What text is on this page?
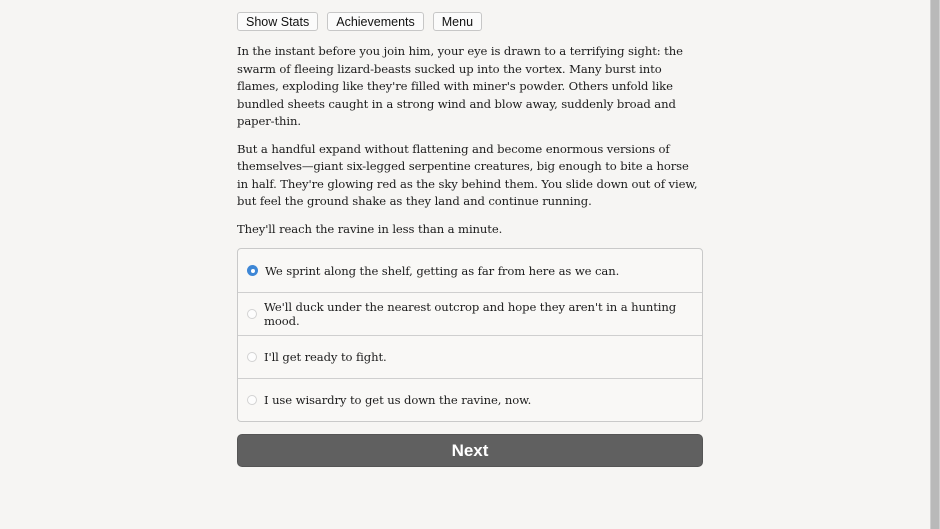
Show Stats	Achievements	Menu

In the instant before you join him, your eye is drawn to a terrifying sight: the swarm of fleeing lizard-beasts sucked up into the vortex. Many burst into flames, exploding like they're filled with miner's powder. Others unfold like bundled sheets caught in a strong wind and blow away, suddenly broad and paper-thin.

But a handful expand without flattening and become enormous versions of themselves—giant six-legged serpentine creatures, big enough to bite a horse in half. They're glowing red as the sky behind them. You slide down out of view, but feel the ground shake as they land and continue running.

They'll reach the ravine in less than a minute.

We sprint along the shelf, getting as far from here as we can.
We'll duck under the nearest outcrop and hope they aren't in a hunting mood.
I'll get ready to fight.
I use wisardry to get us down the ravine, now.
Next
